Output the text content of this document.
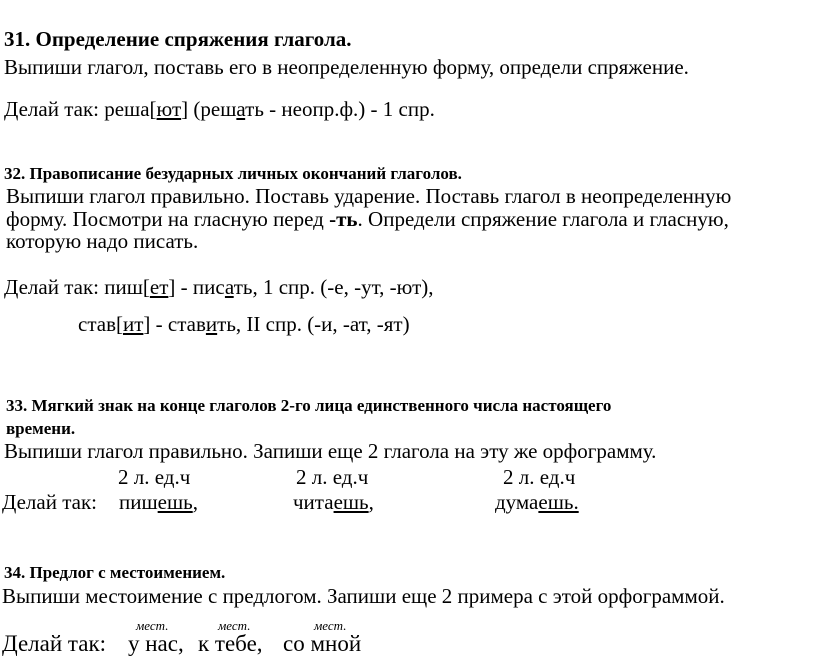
31. Определение спряжения глагола.
Выпиши глагол, поставь его в неопределенную форму, определи спряжение.
Делай так: реша[ют] (решать - неопр.ф.) - 1 спр.
32. Правописание безударных личных окончаний глаголов.
Выпиши глагол правильно. Поставь ударение. Поставь глагол в неопределенную
форму. Посмотри на гласную перед -ть. Определи спряжение глагола и гласную,
которую надо писать.
Делай так: пиш[ет] - писать, 1 спр. (-е, -ут, -ют),
став[ит] - ставить, II спр. (-и, -ат, -ят)
33. Мягкий знак на конце глаголов 2-го лица единственного числа настоящего
времени.
Выпиши глагол правильно. Запиши еще 2 глагола на эту же орфограмму.
2 л. ед.ч	2 л. ед.ч	2 л. ед.ч
Делай так: пишешь,	читаешь,	думаешь.
34. Предлог с местоимением.
Выпиши местоимение с предлогом. Запиши еще 2 примера с этой орфограммой.
мест.	мест.	мест.
Делай так: у нас, к тебе, со мной
